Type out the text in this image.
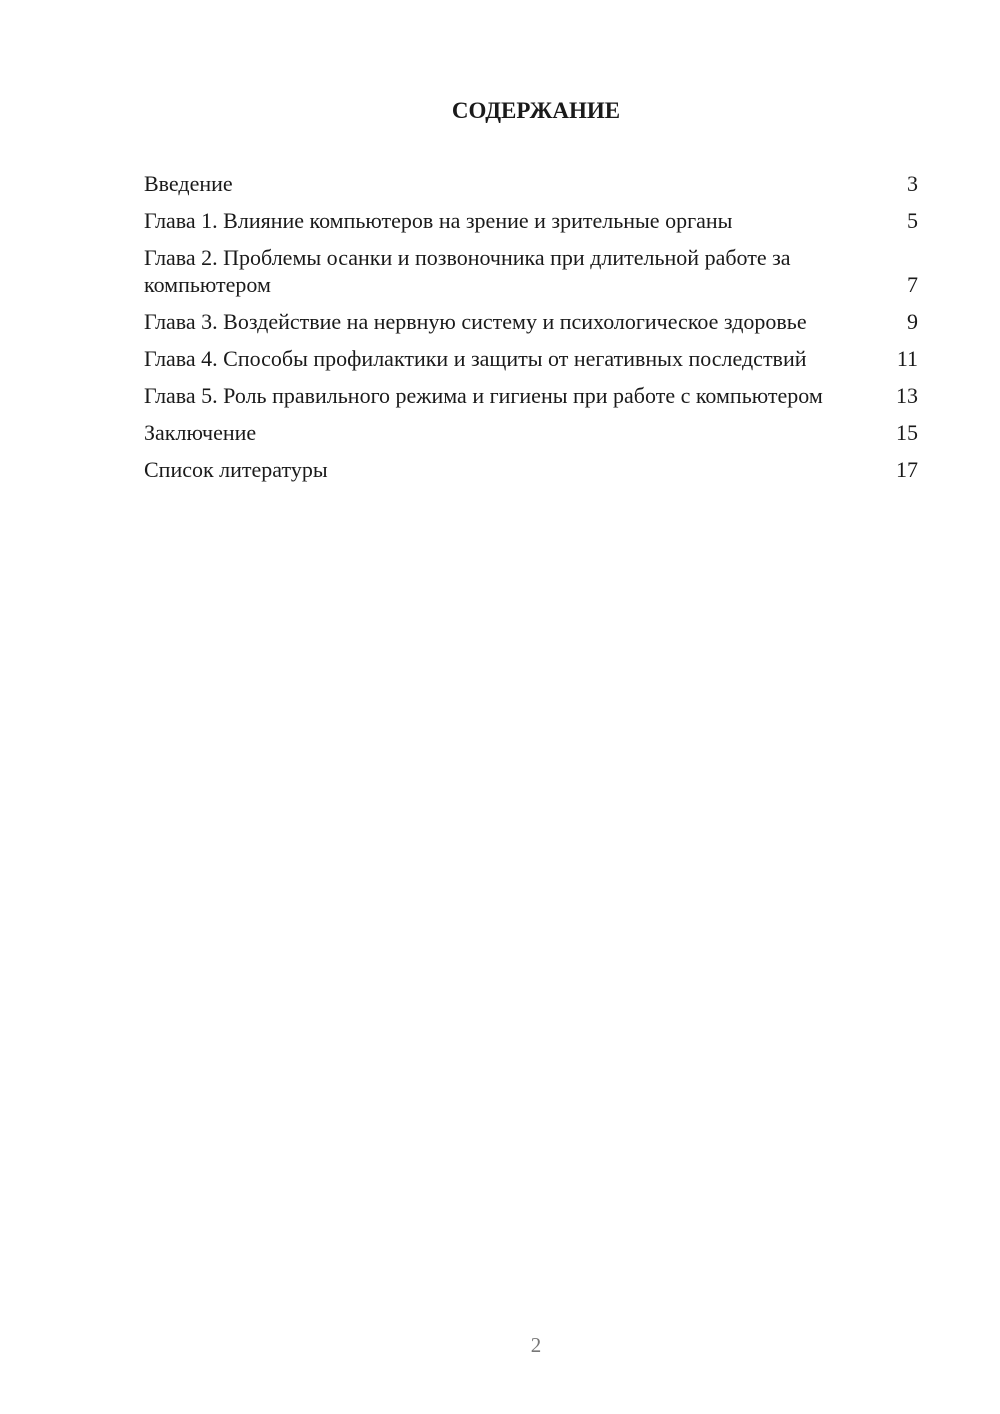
СОДЕРЖАНИЕ
Введение	3
Глава 1. Влияние компьютеров на зрение и зрительные органы	5
Глава 2. Проблемы осанки и позвоночника при длительной работе за компьютером	7
Глава 3. Воздействие на нервную систему и психологическое здоровье	9
Глава 4. Способы профилактики и защиты от негативных последствий	11
Глава 5. Роль правильного режима и гигиены при работе с компьютером	13
Заключение	15
Список литературы	17
2
